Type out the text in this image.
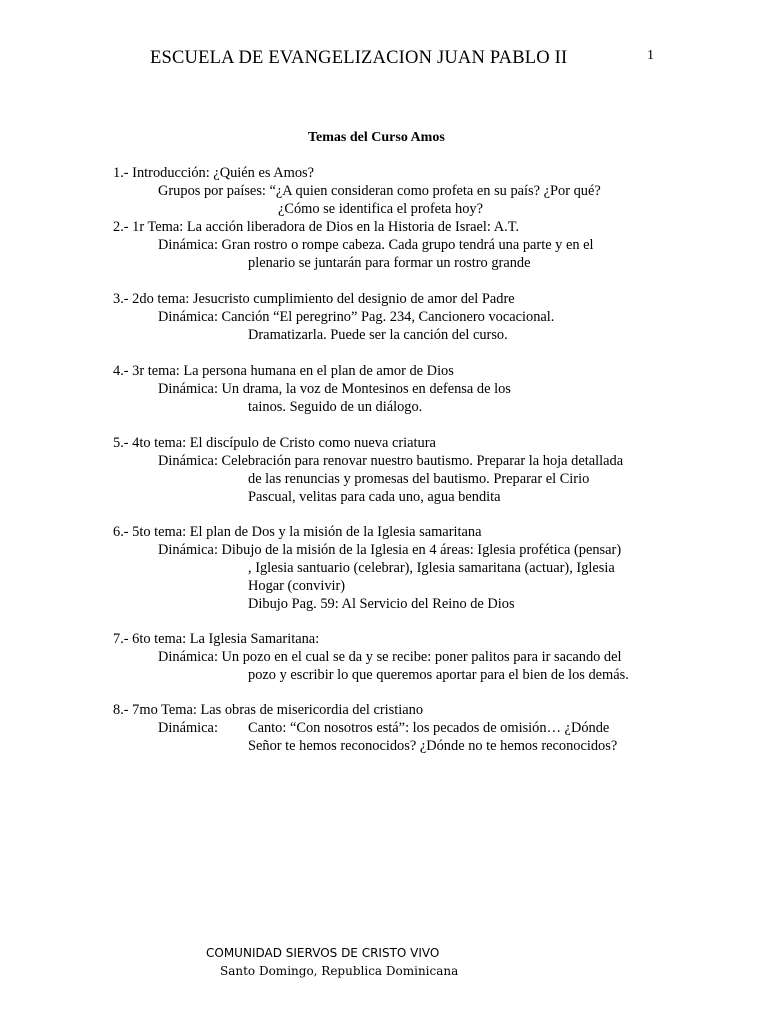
ESCUELA DE EVANGELIZACION JUAN PABLO II	1
Temas del Curso Amos
1.- Introducción: ¿Quién es Amos?
Grupos por países: “¿A quien consideran como profeta en su país? ¿Por qué?
¿Cómo se identifica el profeta hoy?
2.- 1r Tema: La acción liberadora de Dios en la Historia de Israel: A.T.
Dinámica: Gran rostro o rompe cabeza. Cada grupo tendrá una parte y en el
plenario se juntarán para formar un rostro grande
3.- 2do tema: Jesucristo cumplimiento del designio de amor del Padre
Dinámica: Canción “El peregrino” Pag. 234, Cancionero vocacional.
Dramatizarla. Puede ser la canción del curso.
4.- 3r tema: La persona humana en el plan de amor de Dios
Dinámica: Un drama, la voz de Montesinos en defensa de los
tainos. Seguido de un diálogo.
5.- 4to tema: El discípulo de Cristo como nueva criatura
Dinámica: Celebración para renovar nuestro bautismo. Preparar la hoja detallada
de las renuncias y promesas del bautismo. Preparar el Cirio
Pascual, velitas para cada uno, agua bendita
6.- 5to tema: El plan de Dos y la misión de la Iglesia samaritana
Dinámica: Dibujo de la misión de la Iglesia en 4 áreas: Iglesia profética (pensar)
, Iglesia santuario (celebrar), Iglesia samaritana (actuar), Iglesia
Hogar (convivir)
Dibujo Pag. 59: Al Servicio del Reino de Dios
7.- 6to tema: La Iglesia Samaritana:
Dinámica: Un pozo en el cual se da y se recibe: poner palitos para ir sacando del
pozo y escribir lo que queremos aportar para el bien de los demás.
8.- 7mo Tema: Las obras de misericordia del cristiano
Dinámica: Canto: “Con nosotros está”: los pecados de omisión… ¿Dónde
Señor te hemos reconocidos? ¿Dónde no te hemos reconocidos?
COMUNIDAD SIERVOS DE CRISTO VIVO
Santo Domingo, Republica Dominicana
